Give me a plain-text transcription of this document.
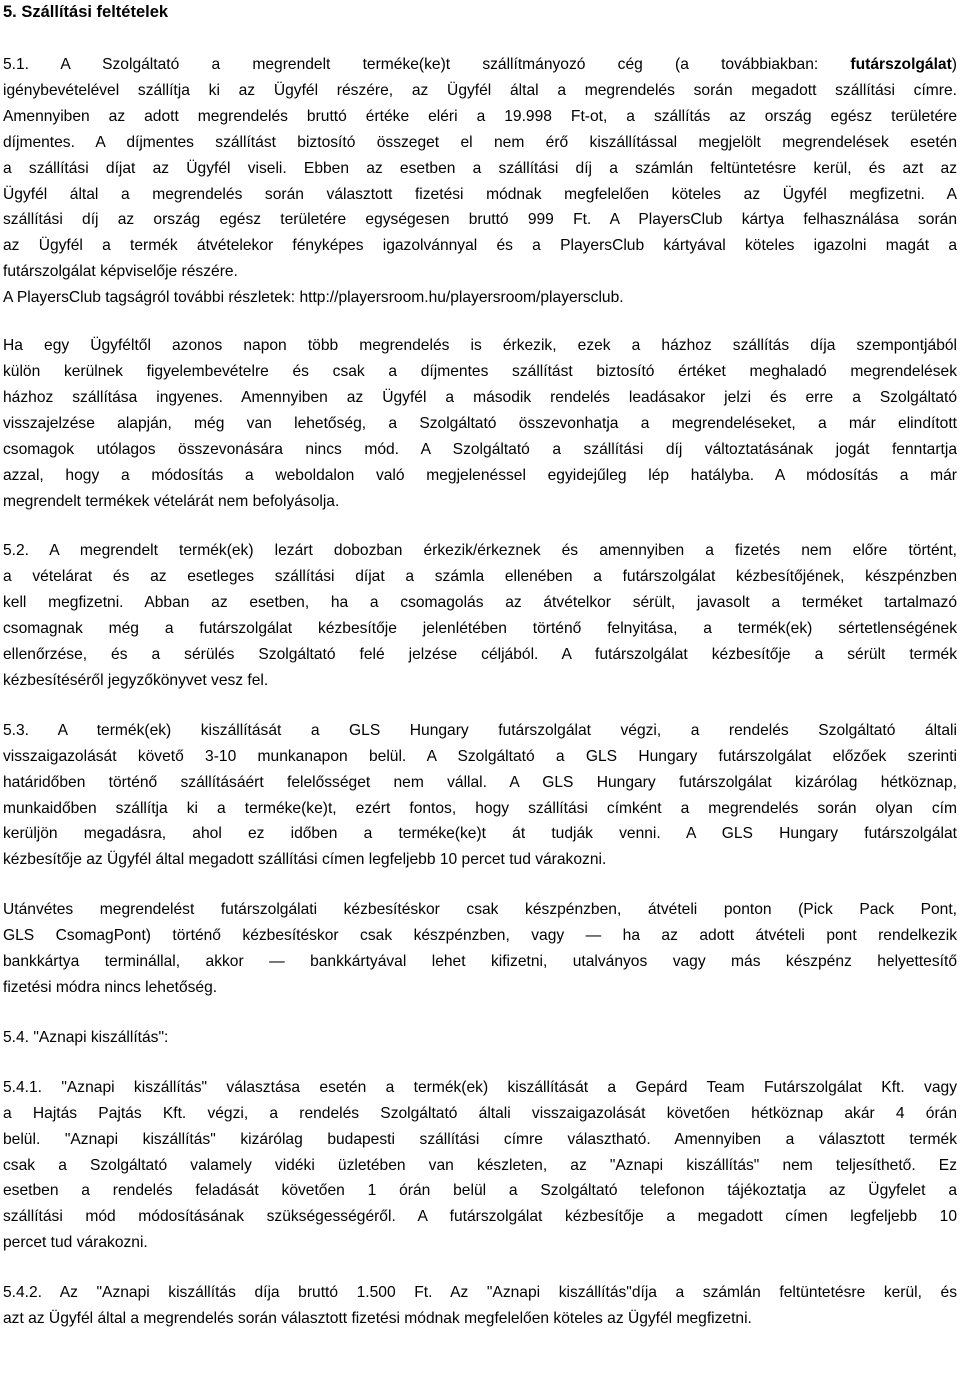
5. Szállítási feltételek
5.1. A Szolgáltató a megrendelt terméke(ke)t szállítmányozó cég (a továbbiakban: futárszolgálat)
igénybevételével szállítja ki az Ügyfél részére, az Ügyfél által a megrendelés során megadott szállítási címre.
Amennyiben az adott megrendelés bruttó értéke eléri a 19.998 Ft-ot, a szállítás az ország egész területére
díjmentes. A díjmentes szállítást biztosító összeget el nem érő kiszállítással megjelölt megrendelések esetén
a szállítási díjat az Ügyfél viseli. Ebben az esetben a szállítási díj a számlán feltüntetésre kerül, és azt az
Ügyfél által a megrendelés során választott fizetési módnak megfelelően köteles az Ügyfél megfizetni. A
szállítási díj az ország egész területére egységesen bruttó 999 Ft. A PlayersClub kártya felhasználása során
az Ügyfél a termék átvételekor fényképes igazolvánnyal és a PlayersClub kártyával köteles igazolni magát a
futárszolgálat képviselője részére.
A PlayersClub tagságról további részletek: http://playersroom.hu/playersroom/playersclub.
Ha egy Ügyféltől azonos napon több megrendelés is érkezik, ezek a házhoz szállítás díja szempontjából
külön kerülnek figyelembevételre és csak a díjmentes szállítást biztosító értéket meghaladó megrendelések
házhoz szállítása ingyenes. Amennyiben az Ügyfél a második rendelés leadásakor jelzi és erre a Szolgáltató
visszajelzése alapján, még van lehetőség, a Szolgáltató összevonhatja a megrendeléseket, a már elindított
csomagok utólagos összevonására nincs mód. A Szolgáltató a szállítási díj változtatásának jogát fenntartja
azzal, hogy a módosítás a weboldalon való megjelenéssel egyidejűleg lép hatályba. A módosítás a már
megrendelt termékek vételárát nem befolyásolja.
5.2. A megrendelt termék(ek) lezárt dobozban érkezik/érkeznek és amennyiben a fizetés nem előre történt,
a vételárat és az esetleges szállítási díjat a számla ellenében a futárszolgálat kézbesítőjének, készpénzben
kell megfizetni. Abban az esetben, ha a csomagolás az átvételkor sérült, javasolt a terméket tartalmazó
csomagnak még a futárszolgálat kézbesítője jelenlétében történő felnyitása, a termék(ek) sértetlenségének
ellenőrzése, és a sérülés Szolgáltató felé jelzése céljából. A futárszolgálat kézbesítője a sérült termék
kézbesítéséről jegyzőkönyvet vesz fel.
5.3. A termék(ek) kiszállítását a GLS Hungary futárszolgálat végzi, a rendelés Szolgáltató általi
visszaigazolását követő 3-10 munkanapon belül. A Szolgáltató a GLS Hungary futárszolgálat előzőek szerinti
határidőben történő szállításáért felelősséget nem vállal. A GLS Hungary futárszolgálat kizárólag hétköznap,
munkaidőben szállítja ki a terméke(ke)t, ezért fontos, hogy szállítási címként a megrendelés során olyan cím
kerüljön megadásra, ahol ez időben a terméke(ke)t át tudják venni. A GLS Hungary futárszolgálat
kézbesítője az Ügyfél által megadott szállítási címen legfeljebb 10 percet tud várakozni.
Utánvétes megrendelést futárszolgálati kézbesítéskor csak készpénzben, átvételi ponton (Pick Pack Pont,
GLS CsomagPont) történő kézbesítéskor csak készpénzben, vagy — ha az adott átvételi pont rendelkezik
bankkártya terminállal, akkor — bankkártyával lehet kifizetni, utalványos vagy más készpénz helyettesítő
fizetési módra nincs lehetőség.
5.4. "Aznapi kiszállítás":
5.4.1. "Aznapi kiszállítás" választása esetén a termék(ek) kiszállítását a Gepárd Team Futárszolgálat Kft. vagy
a Hajtás Pajtás Kft. végzi, a rendelés Szolgáltató általi visszaigazolását követően hétköznap akár 4 órán
belül. "Aznapi kiszállítás" kizárólag budapesti szállítási címre választható. Amennyiben a választott termék
csak a Szolgáltató valamely vidéki üzletében van készleten, az "Aznapi kiszállítás" nem teljesíthető. Ez
esetben a rendelés feladását követően 1 órán belül a Szolgáltató telefonon tájékoztatja az Ügyfelet a
szállítási mód módosításának szükségességéről. A futárszolgálat kézbesítője a megadott címen legfeljebb 10
percet tud várakozni.
5.4.2. Az "Aznapi kiszállítás díja bruttó 1.500 Ft. Az "Aznapi kiszállítás"díja a számlán feltüntetésre kerül, és
azt az Ügyfél által a megrendelés során választott fizetési módnak megfelelően köteles az Ügyfél megfizetni.
